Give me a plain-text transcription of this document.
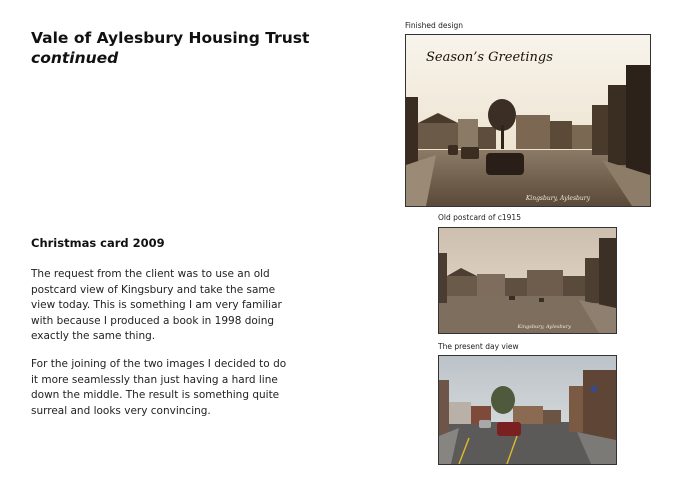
Vale of Aylesbury Housing Trust
continued
Christmas card 2009

The request from the client was to use an old postcard view of Kingsbury and take the same view today. This is something I am very familiar with because I produced a book in 1998 doing exactly the same thing.

For the joining of the two images I decided to do it more seamlessly than just having a hard line down the middle. The result is something quite surreal and looks very convincing.

Finished design
Season’s Greetings
Kingsbury, Aylesbury
Old postcard of c1915
Kingsbury, Aylesbury
The present day view
